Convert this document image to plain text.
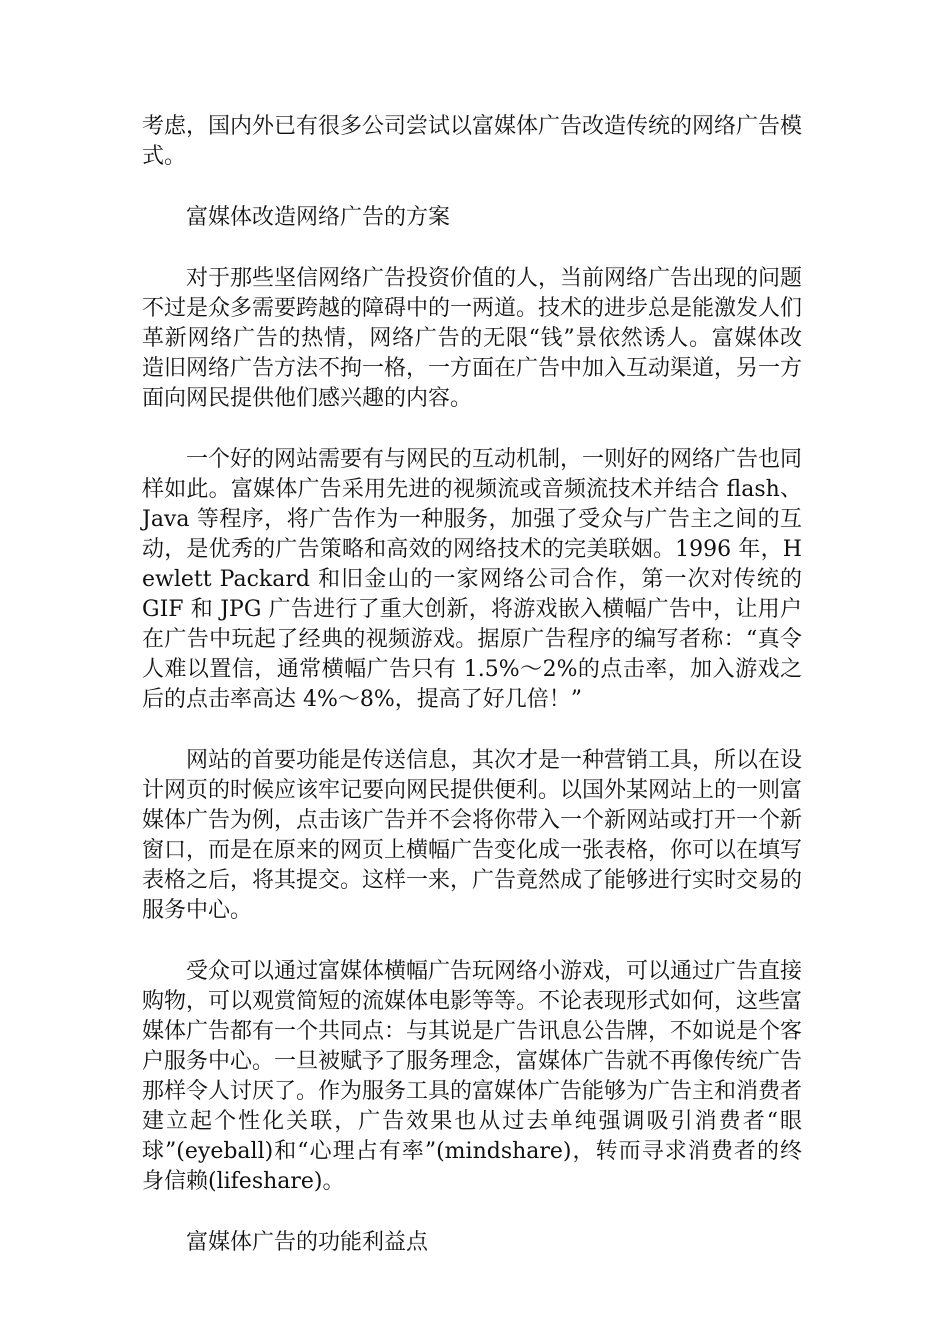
考虑，国内外已有很多公司尝试以富媒体广告改造传统的网络广告模式。

富媒体改造网络广告的方案

对于那些坚信网络广告投资价值的人，当前网络广告出现的问题不过是众多需要跨越的障碍中的一两道。技术的进步总是能激发人们革新网络广告的热情，网络广告的无限“钱”景依然诱人。富媒体改造旧网络广告方法不拘一格，一方面在广告中加入互动渠道，另一方面向网民提供他们感兴趣的内容。

一个好的网站需要有与网民的互动机制，一则好的网络广告也同样如此。富媒体广告采用先进的视频流或音频流技术并结合 flash、Java 等程序，将广告作为一种服务，加强了受众与广告主之间的互动，是优秀的广告策略和高效的网络技术的完美联姻。1996 年，Hewlett Packard 和旧金山的一家网络公司合作，第一次对传统的 GIF 和 JPG 广告进行了重大创新，将游戏嵌入横幅广告中，让用户在广告中玩起了经典的视频游戏。据原广告程序的编写者称：“真令人难以置信，通常横幅广告只有 1.5%～2%的点击率，加入游戏之后的点击率高达 4%～8%，提高了好几倍！”

网站的首要功能是传送信息，其次才是一种营销工具，所以在设计网页的时候应该牢记要向网民提供便利。以国外某网站上的一则富媒体广告为例，点击该广告并不会将你带入一个新网站或打开一个新窗口，而是在原来的网页上横幅广告变化成一张表格，你可以在填写表格之后，将其提交。这样一来，广告竟然成了能够进行实时交易的服务中心。

受众可以通过富媒体横幅广告玩网络小游戏，可以通过广告直接购物，可以观赏简短的流媒体电影等等。不论表现形式如何，这些富媒体广告都有一个共同点：与其说是广告讯息公告牌，不如说是个客户服务中心。一旦被赋予了服务理念，富媒体广告就不再像传统广告那样令人讨厌了。作为服务工具的富媒体广告能够为广告主和消费者建立起个性化关联，广告效果也从过去单纯强调吸引消费者“眼球”(eyeball)和“心理占有率”(mindshare)，转而寻求消费者的终身信赖(lifeshare)。

富媒体广告的功能利益点
